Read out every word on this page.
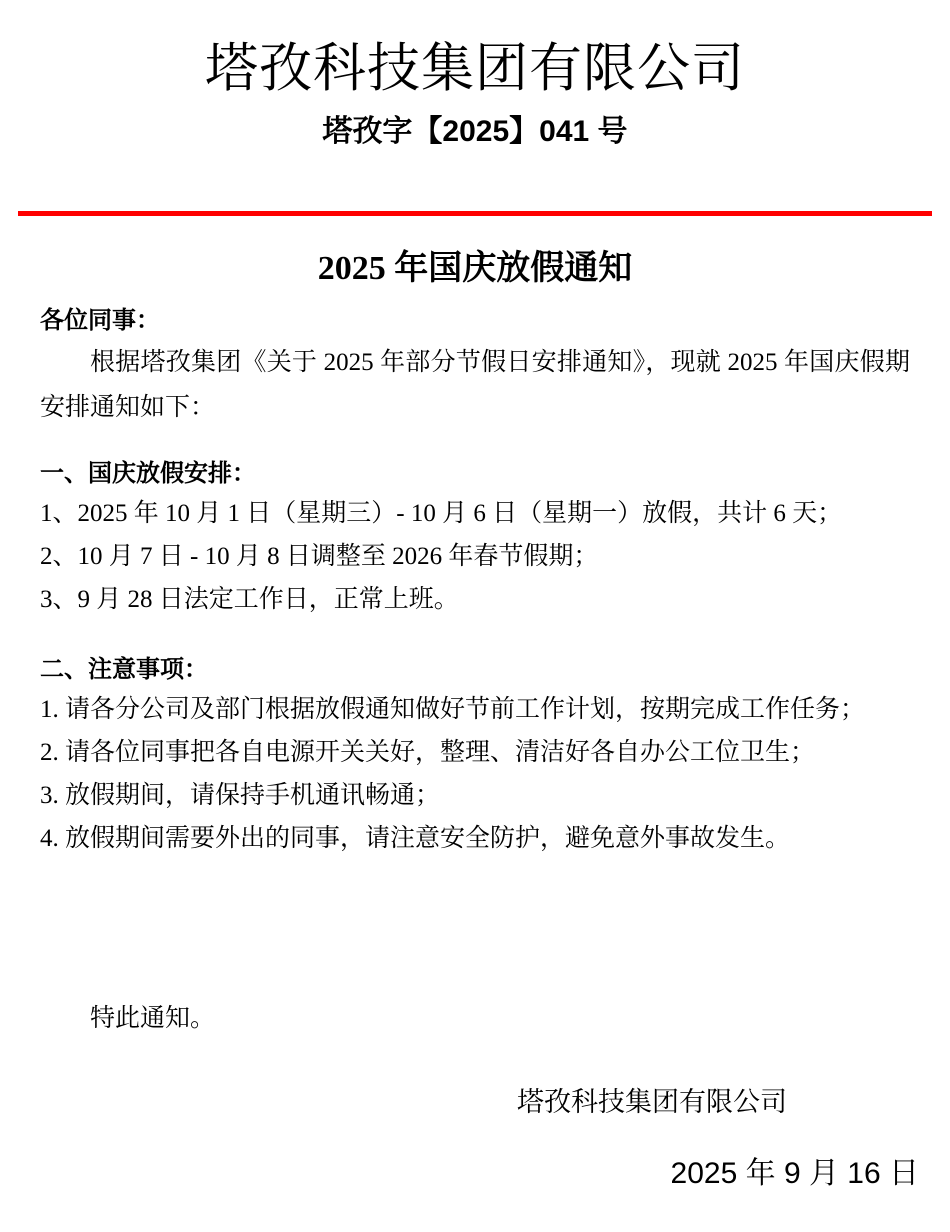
塔孜科技集团有限公司
塔孜字【2025】041 号
2025 年国庆放假通知
各位同事：

根据塔孜集团《关于 2025 年部分节假日安排通知》，现就 2025 年国庆假期安排通知如下：

一、国庆放假安排：
1、2025 年 10 月 1 日（星期三）- 10 月 6 日（星期一）放假，共计 6 天；
2、10 月 7 日 - 10 月 8 日调整至 2026 年春节假期；
3、9 月 28 日法定工作日，正常上班。
二、注意事项：
1. 请各分公司及部门根据放假通知做好节前工作计划，按期完成工作任务；
2. 请各位同事把各自电源开关关好，整理、清洁好各自办公工位卫生；
3. 放假期间，请保持手机通讯畅通；
4. 放假期间需要外出的同事，请注意安全防护，避免意外事故发生。

特此通知。

塔孜科技集团有限公司
2025 年 9 月 16 日
